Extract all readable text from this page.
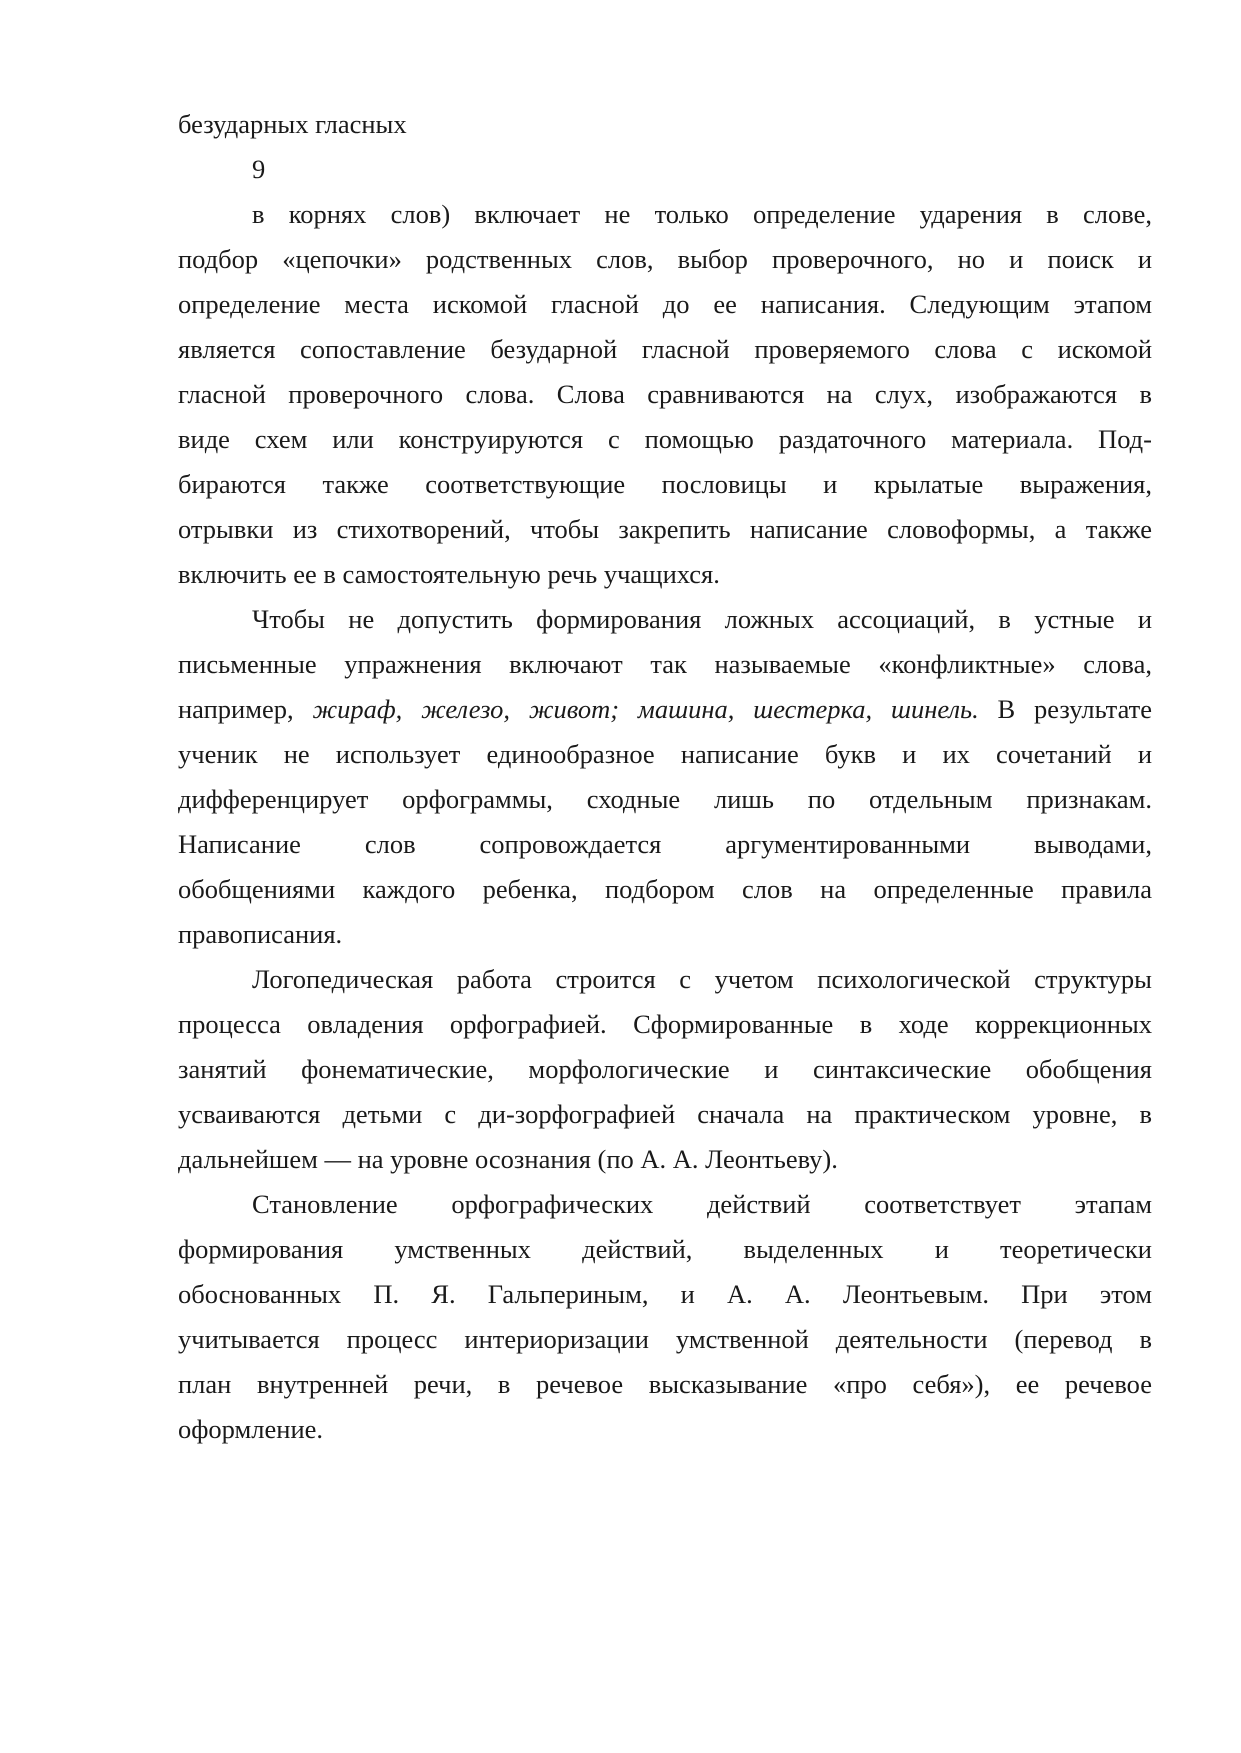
безударных гласных
9
в корнях слов) включает не только определение ударения в слове,
подбор «цепочки» родственных слов, выбор проверочного, но и поиск и
определение места искомой гласной до ее написания. Следующим этапом
является сопоставление безударной гласной проверяемого слова с искомой
гласной проверочного слова. Слова сравниваются на слух, изображаются в
виде схем или конструируются с помощью раздаточного материала. Под-
бираются также соответствующие пословицы и крылатые выражения,
отрывки из стихотворений, чтобы закрепить написание словоформы, а также
включить ее в самостоятельную речь учащихся.
Чтобы не допустить формирования ложных ассоциаций, в устные и
письменные упражнения включают так называемые «конфликтные» слова,
например, жираф, железо, живот; машина, шестерка, шинель. В результате
ученик не использует единообразное написание букв и их сочетаний и
дифференцирует орфограммы, сходные лишь по отдельным признакам.
Написание слов сопровождается аргументированными выводами,
обобщениями каждого ребенка, подбором слов на определенные правила
правописания.
Логопедическая работа строится с учетом психологической структуры
процесса овладения орфографией. Сформированные в ходе коррекционных
занятий фонематические, морфологические и синтаксические обобщения
усваиваются детьми с ди-зорфографией сначала на практическом уровне, в
дальнейшем — на уровне осознания (по А. А. Леонтьеву).
Становление орфографических действий соответствует этапам
формирования умственных действий, выделенных и теоретически
обоснованных П. Я. Гальпериным, и А. А. Леонтьевым. При этом
учитывается процесс интериоризации умственной деятельности (перевод в
план внутренней речи, в речевое высказывание «про себя»), ее речевое
оформление.
